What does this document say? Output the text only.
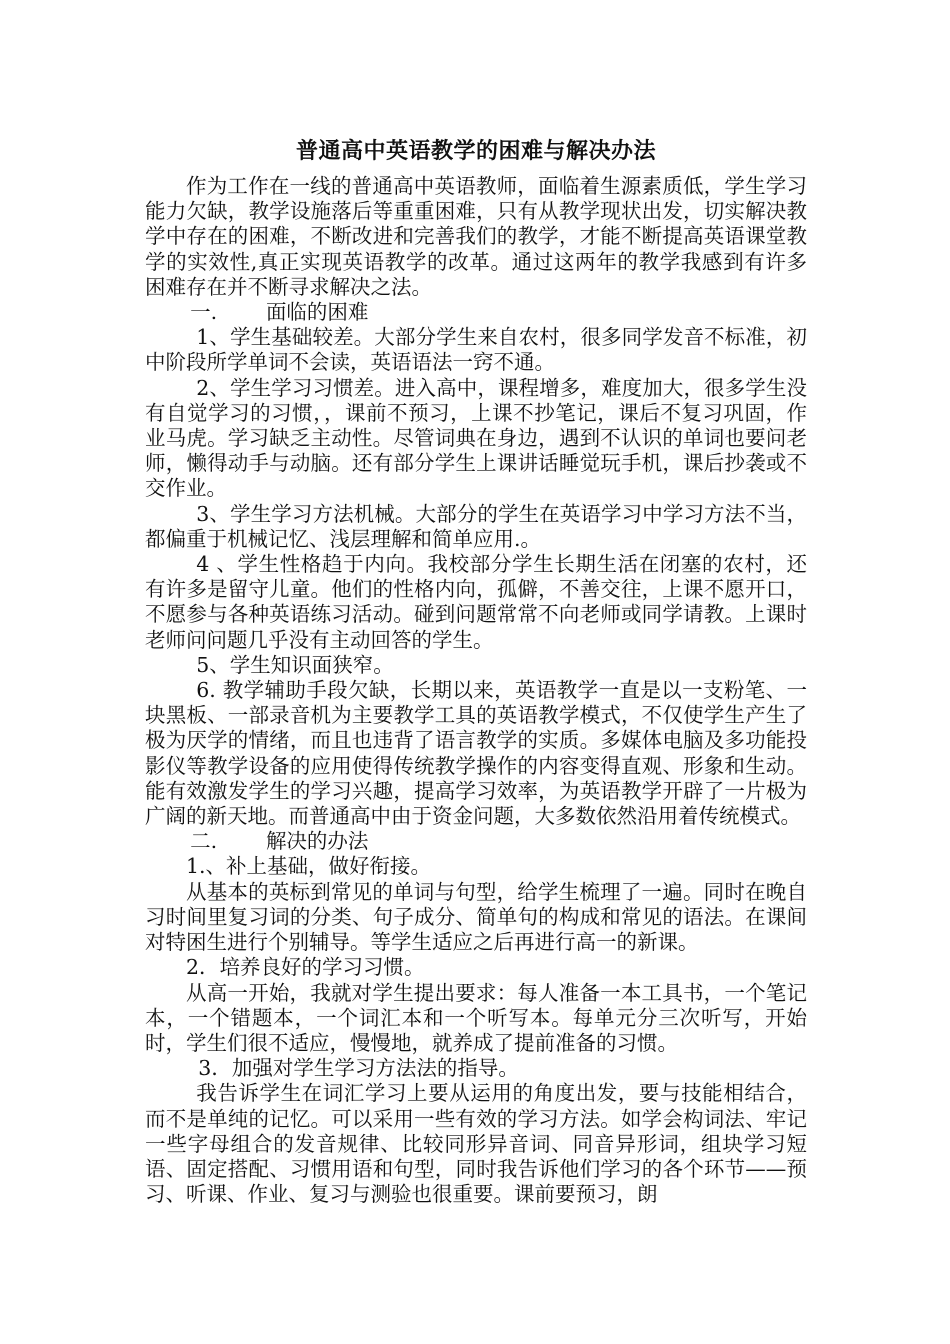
普通高中英语教学的困难与解决办法

作为工作在一线的普通高中英语教师，面临着生源素质低，学生学习能力欠缺，教学设施落后等重重困难，只有从教学现状出发，切实解决教学中存在的困难，不断改进和完善我们的教学，才能不断提高英语课堂教学的实效性,真正实现英语教学的改革。通过这两年的教学我感到有许多困难存在并不断寻求解决之法。

一. 面临的困难

1、学生基础较差。大部分学生来自农村，很多同学发音不标准，初中阶段所学单词不会读，英语语法一窍不通。

2、学生学习习惯差。进入高中，课程增多，难度加大，很多学生没有自觉学习的习惯，，课前不预习，上课不抄笔记，课后不复习巩固，作业马虎。学习缺乏主动性。尽管词典在身边，遇到不认识的单词也要问老师，懒得动手与动脑。还有部分学生上课讲话睡觉玩手机，课后抄袭或不交作业。

3、学生学习方法机械。大部分的学生在英语学习中学习方法不当，都偏重于机械记忆、浅层理解和简单应用.。

4 、学生性格趋于内向。我校部分学生长期生活在闭塞的农村，还有许多是留守儿童。他们的性格内向，孤僻，不善交往，上课不愿开口，不愿参与各种英语练习活动。碰到问题常常不向老师或同学请教。上课时老师问问题几乎没有主动回答的学生。

5、学生知识面狭窄。

6. 教学辅助手段欠缺，长期以来，英语教学一直是以一支粉笔、一块黑板、一部录音机为主要教学工具的英语教学模式，不仅使学生产生了极为厌学的情绪，而且也违背了语言教学的实质。多媒体电脑及多功能投影仪等教学设备的应用使得传统教学操作的内容变得直观、形象和生动。能有效激发学生的学习兴趣，提高学习效率，为英语教学开辟了一片极为广阔的新天地。而普通高中由于资金问题，大多数依然沿用着传统模式。

二. 解决的办法

1.、补上基础，做好衔接。

从基本的英标到常见的单词与句型，给学生梳理了一遍。同时在晚自习时间里复习词的分类、句子成分、简单句的构成和常见的语法。在课间对特困生进行个别辅导。等学生适应之后再进行高一的新课。

2．培养良好的学习习惯。

从高一开始，我就对学生提出要求：每人准备一本工具书，一个笔记本，一个错题本，一个词汇本和一个听写本。每单元分三次听写，开始时，学生们很不适应，慢慢地，就养成了提前准备的习惯。

3．加强对学生学习方法法的指导。

我告诉学生在词汇学习上要从运用的角度出发，要与技能相结合，而不是单纯的记忆。可以采用一些有效的学习方法。如学会构词法、牢记一些字母组合的发音规律、比较同形异音词、同音异形词，组块学习短语、固定搭配、习惯用语和句型，同时我告诉他们学习的各个环节——预习、听课、作业、复习与测验也很重要。课前要预习，朗
